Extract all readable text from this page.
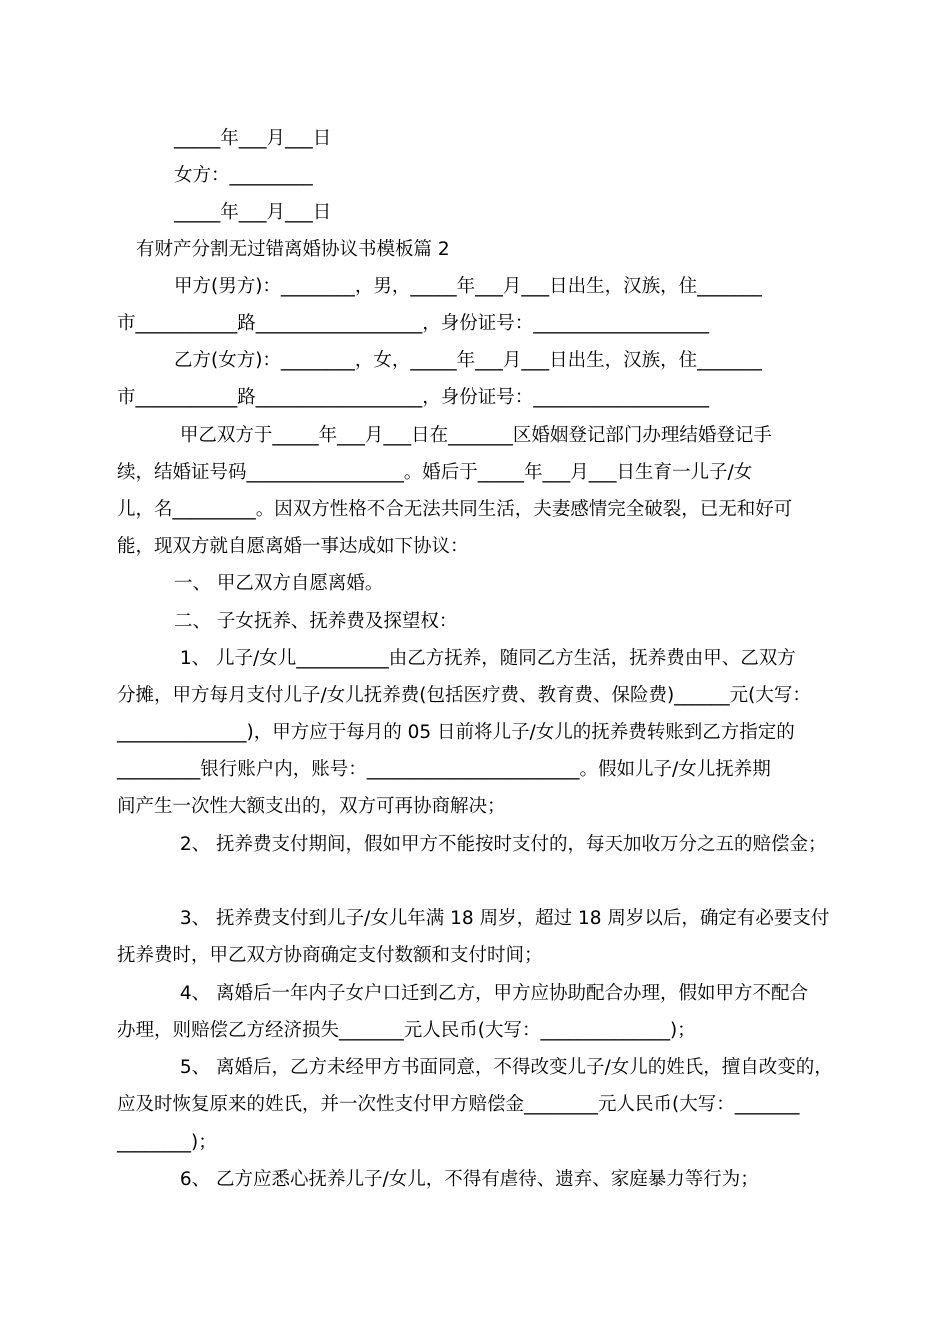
_____年___月___日
女方：_________
_____年___月___日
有财产分割无过错离婚协议书模板篇 2
甲方(男方)：________，男，_____年___月___日出生，汉族，住_______
市___________路__________________，身份证号：___________________
乙方(女方)：________，女，_____年___月___日出生，汉族，住_______
市___________路__________________，身份证号：___________________
甲乙双方于_____年___月___日在_______区婚姻登记部门办理结婚登记手
续，结婚证号码_________________。婚后于_____年___月___日生育一儿子/女
儿，名_________。因双方性格不合无法共同生活，夫妻感情完全破裂，已无和好可
能，现双方就自愿离婚一事达成如下协议：
一、 甲乙双方自愿离婚。
二、 子女抚养、抚养费及探望权：
1、 儿子/女儿__________由乙方抚养，随同乙方生活，抚养费由甲、乙双方
分摊，甲方每月支付儿子/女儿抚养费(包括医疗费、教育费、保险费)______元(大写：
______________)，甲方应于每月的 05 日前将儿子/女儿的抚养费转账到乙方指定的
_________银行账户内，账号：_______________________。假如儿子/女儿抚养期
间产生一次性大额支出的，双方可再协商解决；
2、 抚养费支付期间，假如甲方不能按时支付的，每天加收万分之五的赔偿金；
3、 抚养费支付到儿子/女儿年满 18 周岁，超过 18 周岁以后，确定有必要支付
抚养费时，甲乙双方协商确定支付数额和支付时间；
4、 离婚后一年内子女户口迁到乙方，甲方应协助配合办理，假如甲方不配合
办理，则赔偿乙方经济损失_______元人民币(大写：______________)；
5、 离婚后，乙方未经甲方书面同意，不得改变儿子/女儿的姓氏，擅自改变的，
应及时恢复原来的姓氏，并一次性支付甲方赔偿金________元人民币(大写：_______
________)；
6、 乙方应悉心抚养儿子/女儿，不得有虐待、遗弃、家庭暴力等行为；
